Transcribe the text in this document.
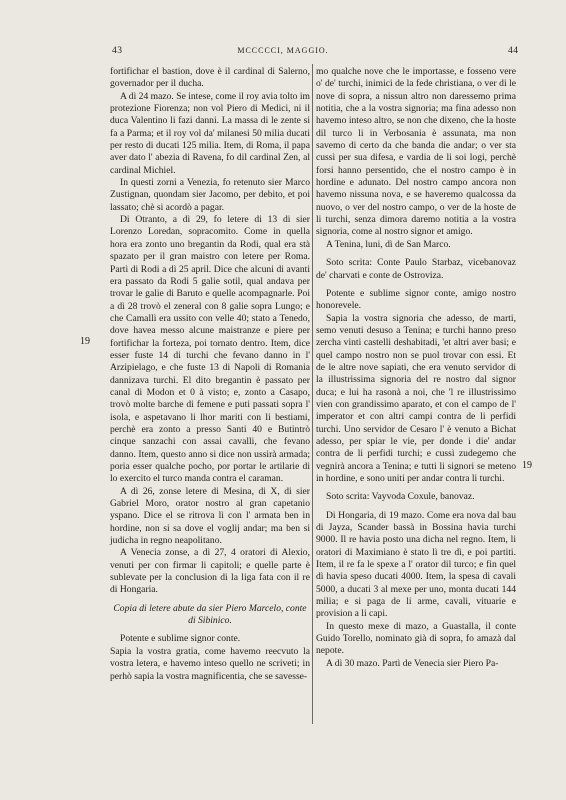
43	MCCCCCI, MAGGIO.	44
19
19

fortifichar el bastion, dove è il cardinal di Salerno, governador per il ducha.

A dì 24 mazo. Se intese, come il roy avia tolto im protezione Fiorenza; non vol Piero di Medici, ni il duca Valentino li fazi danni. La massa di le zente si fa a Parma; et il roy vol da' milanesi 50 milia ducati per resto di ducati 125 milia. Item, di Roma, il papa aver dato l' abezia di Ravena, fo dil cardinal Zen, al cardinal Michiel.

In questi zorni a Venezia, fo retenuto sier Marco Zustignan, quondam sier Jacomo, per debito, et poi lassato; chè si acordò a pagar.

Di Otranto, a dì 29, fo letere di 13 di sier Lorenzo Loredan, sopracomito. Come in quella hora era zonto uno bregantin da Rodi, qual era stà spazato per il gran maistro con letere per Roma. Partì di Rodi a dì 25 april. Dice che alcuni di avanti era passato da Rodi 5 galie sotil, qual andava per trovar le galie di Baruto e quelle acompagnarle. Poi a dì 28 trovò el zeneral con 8 galie sopra Lungo; e che Camallì era ussito con velle 40; stato a Tenedo, dove havea messo alcune maistranze e piere per fortifichar la forteza, poi tornato dentro. Item, dice esser fuste 14 di turchi che fevano danno in l' Arzipielago, e che fuste 13 di Napoli di Romania dannizava turchi. El dito bregantin è passato per canal di Modon et 0 à visto; e, zonto a Casapo, trovò molte barche di femene e puti passati sopra l' isola, e aspetavano li lhor mariti con li bestiami, perchè era zonto a presso Santi 40 e Butintrò cinque sanzachi con assai cavalli, che fevano danno. Item, questo anno si dice non ussirà armada; poria esser qualche pocho, por portar le artilarie di lo exercito el turco manda contra el caraman.

A dì 26, zonse letere di Mesina, di X, di sier Gabriel Moro, orator nostro al gran capetanio yspano. Dice el se ritrova lì con l' armata ben in hordine, non si sa dove el voglij andar; ma ben si judicha in regno neapolitano.

A Venecia zonse, a dì 27, 4 oratori di Alexio, venuti per con firmar li capitoli; e quelle parte è sublevate per la conclusion di la liga fata con il re di Hongaria.

Copia di letere abute da sier Piero Marcelo, conte di Sibinico.

Potente e sublime signor conte.

Sapia la vostra gratia, come havemo reecvuto la vostra letera, e havemo inteso quello ne scriveti; in perhò sapia la vostra magnificentia, che se savesse-

mo qualche nove che le importasse, e fosseno vere o' de' turchi, inimici de la fede christiana, o ver di le nove di sopra, a nissun altro non daressemo prima notitia, che a la vostra signoria; ma fina adesso non havemo inteso altro, se non che dixeno, che la hoste dil turco li in Verbosania è assunata, ma non savemo di certo da che banda die andar; o ver sta cussì per sua difesa, e vardia de li soi logi, perchè forsi hanno persentido, che el nostro campo è in hordine e adunato. Del nostro campo ancora non havemo nissuna nova, e se haveremo qualcossa da nuovo, o ver del nostro campo, o ver de la hoste de li turchi, senza dimora daremo notitia a la vostra signoria, come al nostro signor et amigo.

A Tenina, luni, dì de San Marco.

Soto scrita: Conte Paulo Starbaz, vicebanovaz de' charvati e conte de Ostroviza.

Potente e sublime signor conte, amigo nostro honorevele.

Sapia la vostra signoria che adesso, de marti, semo venuti desuso a Tenina; e turchi hanno preso zercha vinti castelli deshabitadi, 'et altri aver basi; e quel campo nostro non se puol trovar con essi. Et de le altre nove sapiati, che era venuto servidor di la illustrissima signoria del re nostro dal signor duca; e lui ha rasonà a noi, che 'l re illustrissimo vien con grandissimo aparato, et con el campo de l' imperator et con altri campi contra de li perfidi turchi. Uno servidor de Cesaro l' è venuto a Bichat adesso, per spiar le vie, per donde i die' andar contra de li perfidi turchi; e cussì zudegemo che vegnirà ancora a Tenina; e tutti li signori se meteno in hordine, e sono uniti per andar contra li turchi.

Soto scrita: Vayvoda Coxule, banovaz.

Di Hongaria, di 19 mazo. Come era nova dal bau di Jayza, Scander bassà in Bossina havia turchi 9000. Il re havia posto una dicha nel regno. Item, li oratori di Maximiano è stato lì tre dì, e poi partiti. Item, il re fa le spexe a l' orator dil turco; e fin quel dì havia speso ducati 4000. Item, la spesa di cavali 5000, a ducati 3 al mexe per uno, monta ducati 144 milia; e si paga de li arme, cavali, vituarie e provision a li capi.

In questo mexe di mazo, a Guastalla, il conte Guido Torello, nominato già di sopra, fo amazà dal nepote.

A dì 30 mazo. Partì de Venecia sier Piero Pa-
